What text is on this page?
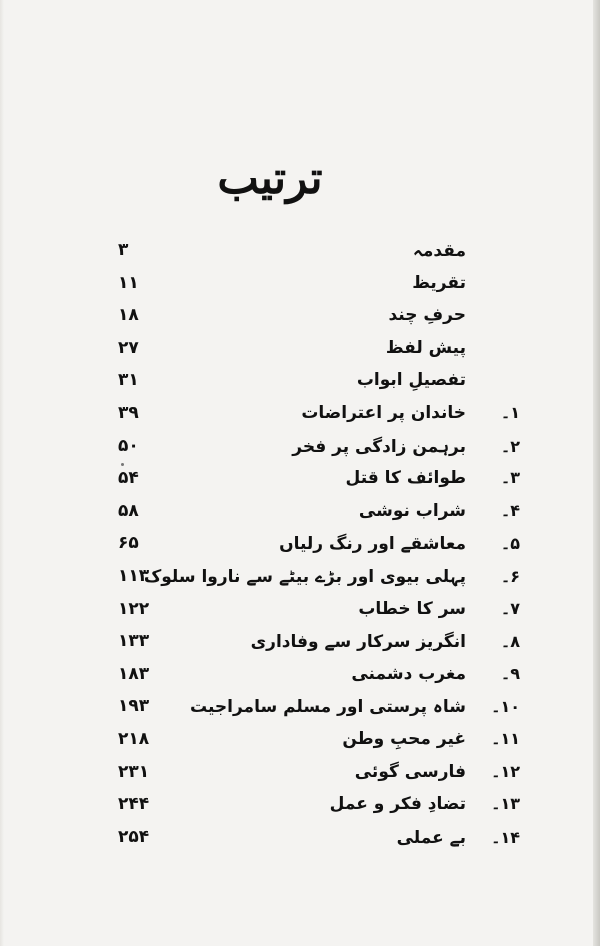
ترتیب
مقدمہ
۳
تقریظ
۱۱
حرفِ چند
۱۸
پیش لفظ
۲۷
تفصیلِ ابواب
۳۱
۱۔
خاندان پر اعتراضات
۳۹
۲۔
برہمن زادگی پر فخر
۵۰
۳۔
طوائف کا قتل
۵۴
۴۔
شراب نوشی
۵۸
۵۔
معاشقے اور رنگ رلیاں
۶۵
۶۔
پہلی بیوی اور بڑے بیٹے سے ناروا سلوک
۱۱۳
۷۔
سر کا خطاب
۱۲۲
۸۔
انگریز سرکار سے وفاداری
۱۳۳
۹۔
مغرب دشمنی
۱۸۳
۱۰۔
شاہ پرستی اور مسلم سامراجیت
۱۹۳
۱۱۔
غیر محبِ وطن
۲۱۸
۱۲۔
فارسی گوئی
۲۳۱
۱۳۔
تضادِ فکر و عمل
۲۴۴
۱۴۔
بے عملی
۲۵۴
